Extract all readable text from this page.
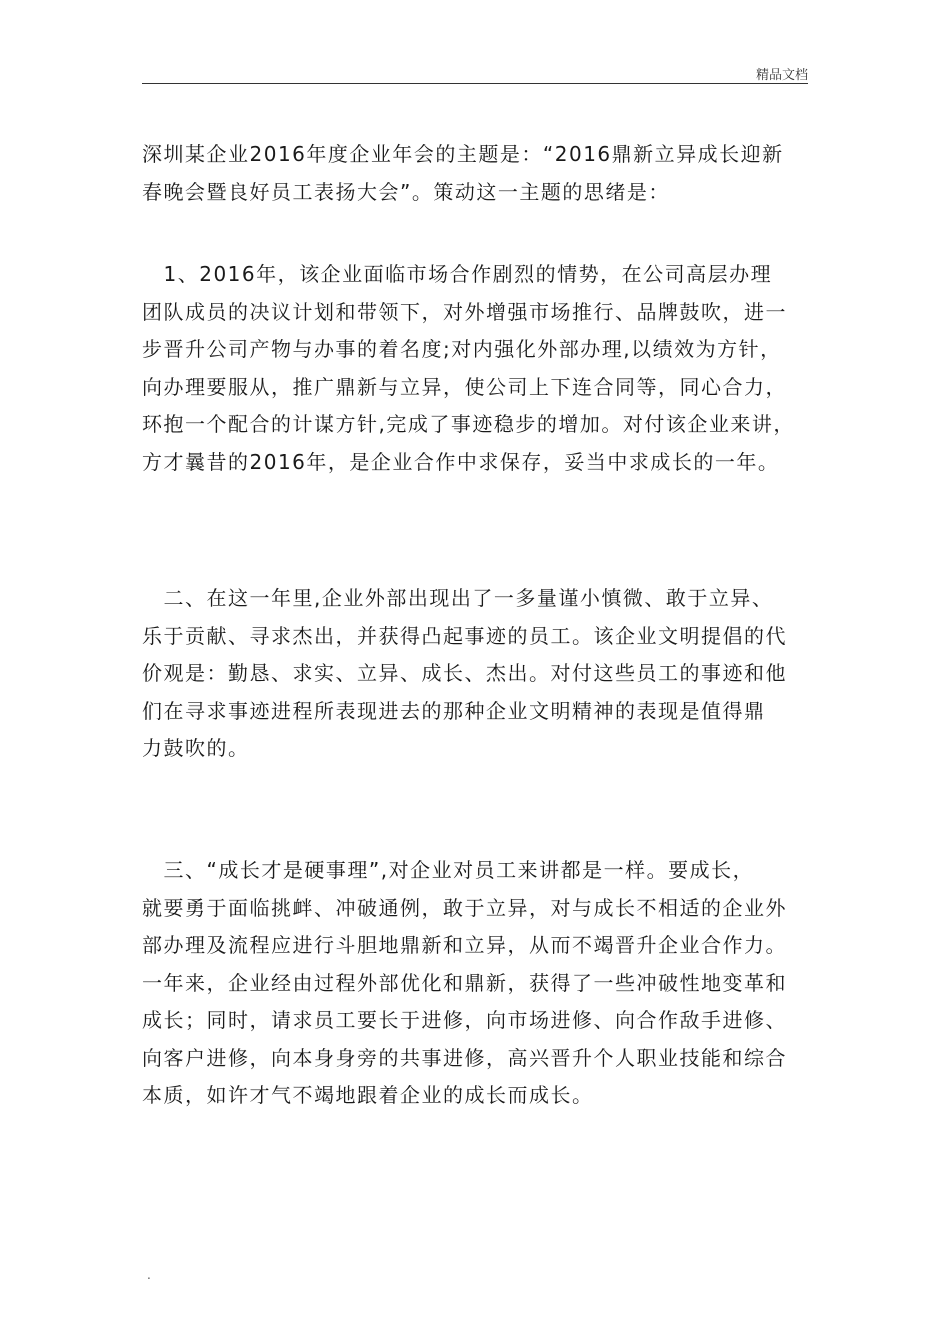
精品文档
深圳某企业2016年度企业年会的主题是：“2016鼎新立异成长迎新
春晚会暨良好员工表扬大会”。策动这一主题的思绪是：
　1、2016年，该企业面临市场合作剧烈的情势，在公司高层办理
团队成员的决议计划和带领下，对外增强市场推行、品牌鼓吹，进一
步晋升公司产物与办事的着名度;对内强化外部办理,以绩效为方针，
向办理要服从，推广鼎新与立异，使公司上下连合同等，同心合力，
环抱一个配合的计谋方针,完成了事迹稳步的增加。对付该企业来讲，
方才曩昔的2016年，是企业合作中求保存，妥当中求成长的一年。
　二、在这一年里,企业外部出现出了一多量谨小慎微、敢于立异、
乐于贡献、寻求杰出，并获得凸起事迹的员工。该企业文明提倡的代
价观是：勤恳、求实、立异、成长、杰出。对付这些员工的事迹和他
们在寻求事迹进程所表现进去的那种企业文明精神的表现是值得鼎
力鼓吹的。
　三、“成长才是硬事理”,对企业对员工来讲都是一样。要成长，
就要勇于面临挑衅、冲破通例，敢于立异，对与成长不相适的企业外
部办理及流程应进行斗胆地鼎新和立异，从而不竭晋升企业合作力。
一年来，企业经由过程外部优化和鼎新，获得了一些冲破性地变革和
成长；同时，请求员工要长于进修，向市场进修、向合作敌手进修、
向客户进修，向本身身旁的共事进修，高兴晋升个人职业技能和综合
本质，如许才气不竭地跟着企业的成长而成长。
.
